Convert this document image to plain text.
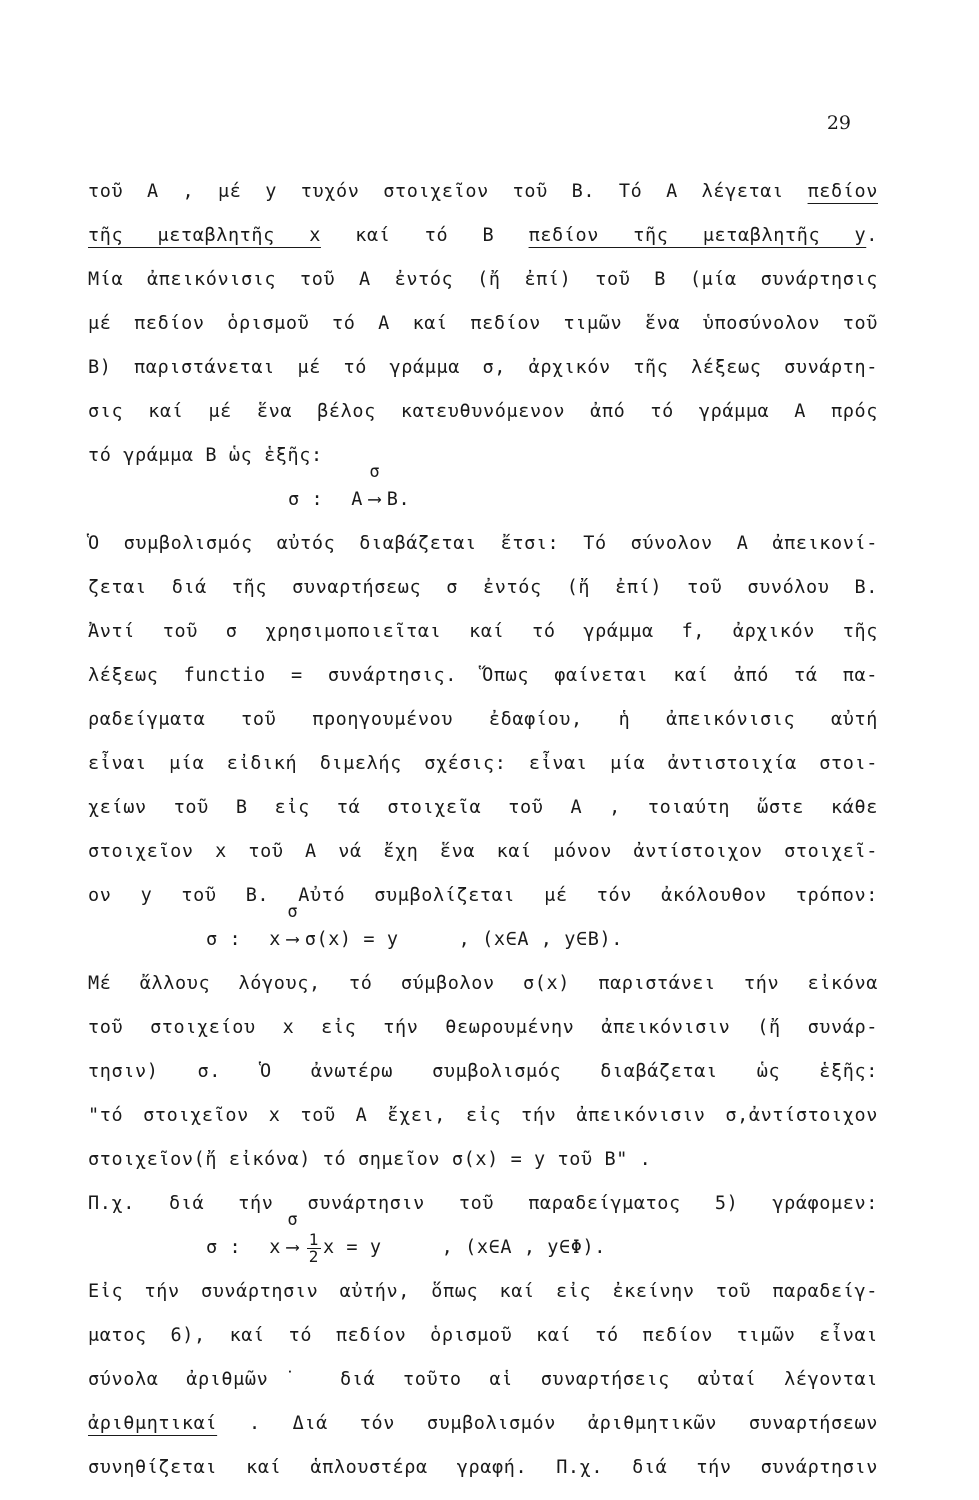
29
τοῦ Α , μέ y τυχόν στοιχεῖον τοῦ Β. Τό Α λέγεται πεδίον
τῆς μεταβλητῆς x καί τό Β πεδίον τῆς μεταβλητῆς y.
Μία ἀπεικόνισις τοῦ Α ἐντός (ἤ ἐπί) τοῦ Β (μία συνάρτησις
μέ πεδίον ὁρισμοῦ τό Α καί πεδίον τιμῶν ἕνα ὑποσύνολον τοῦ
Β) παριστάνεται μέ τό γράμμα σ, ἀρχικόν τῆς λέξεως συνάρτη-
σις καί μέ ἕνα βέλος κατευθυνόμενον ἀπό τό γράμμα Α πρός
τό γράμμα Β ὡς ἑξῆς:
σ : Α
σ
⟶ Β.
Ὁ συμβολισμός αὐτός διαβάζεται ἔτσι: Τό σύνολον Α ἀπεικονί-
ζεται διά τῆς συναρτήσεως σ ἐντός (ἤ ἐπί) τοῦ συνόλου Β.
Ἀντί τοῦ σ χρησιμοποιεῖται καί τό γράμμα f, ἀρχικόν τῆς
λέξεως functio = συνάρτησις. Ὅπως φαίνεται καί ἀπό τά πα-
ραδείγματα τοῦ προηγουμένου ἐδαφίου, ἡ ἀπεικόνισις αὐτή
εἶναι μία εἰδική διμελής σχέσις: εἶναι μία ἀντιστοιχία στοι-
χείων τοῦ Β εἰς τά στοιχεῖα τοῦ Α , τοιαύτη ὥστε κάθε
στοιχεῖον x τοῦ Α νά ἔχη ἕνα καί μόνον ἀντίστοιχον στοιχεῖ-
ον y τοῦ Β. Αὐτό συμβολίζεται μέ τόν ἀκόλουθον τρόπον:
σ : x
σ
⟶ σ(x) = y	, (x∈Α , y∈Β).
Μέ ἄλλους λόγους, τό σύμβολον σ(x) παριστάνει τήν εἰκόνα
τοῦ στοιχείου x εἰς τήν θεωρουμένην ἀπεικόνισιν (ἤ συνάρ-
τησιν) σ. Ὁ ἀνωτέρω συμβολισμός διαβάζεται ὡς ἑξῆς:
"τό στοιχεῖον x τοῦ Α ἔχει, εἰς τήν ἀπεικόνισιν σ,ἀντίστοιχον
στοιχεῖον(ἤ εἰκόνα) τό σημεῖον σ(x) = y τοῦ Β" .
Π.χ. διά τήν συνάρτησιν τοῦ παραδείγματος 5) γράφομεν:
σ : x
σ
⟶ $\frac{1}{2}$ x = y	, (x∈Α , y∈Φ).
Εἰς τήν συνάρτησιν αὐτήν, ὅπως καί εἰς ἐκείνην τοῦ παραδείγ-
ματος 6), καί τό πεδίον ὁρισμοῦ καί τό πεδίον τιμῶν εἶναι
σύνολα ἀριθμῶν˙ διά τοῦτο αἱ συναρτήσεις αὐταί λέγονται
ἀριθμητικαί . Διά τόν συμβολισμόν ἀριθμητικῶν συναρτήσεων
συνηθίζεται καί ἁπλουστέρα γραφή. Π.χ. διά τήν συνάρτησιν
